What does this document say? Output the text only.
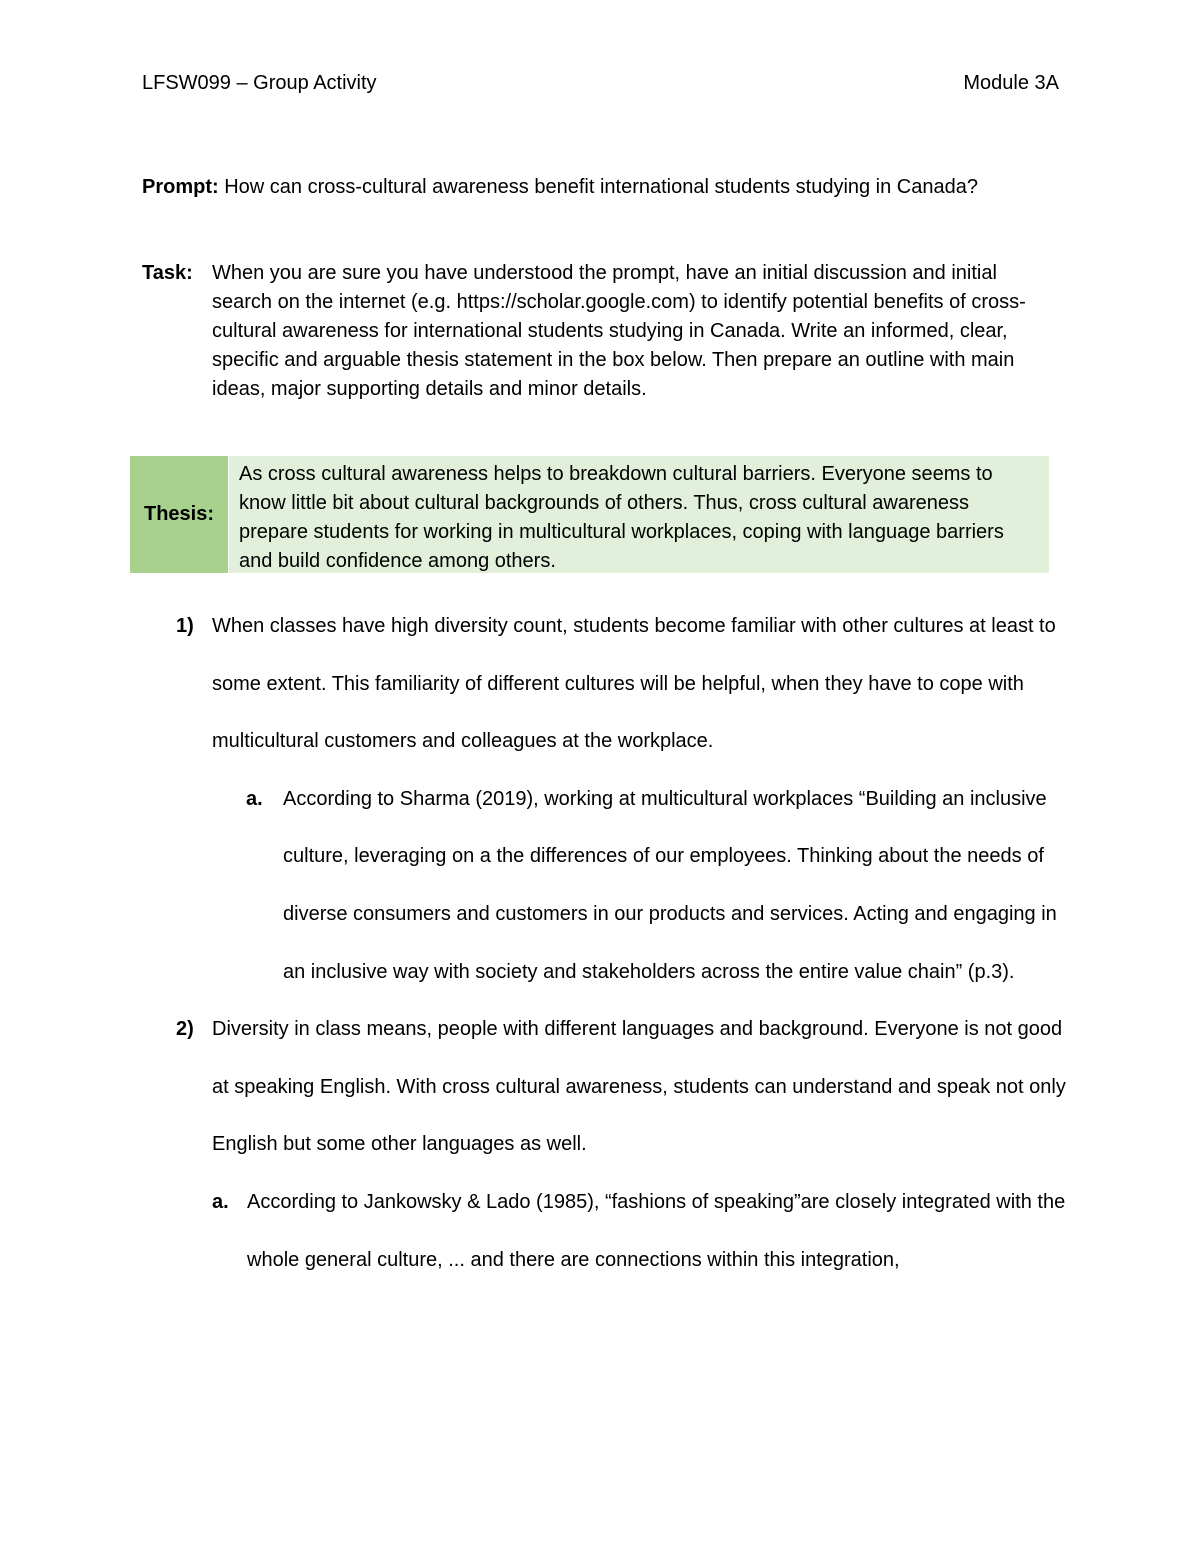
LFSW099 – Group Activity	Module 3A
Prompt: How can cross-cultural awareness benefit international students studying in Canada?
Task: When you are sure you have understood the prompt, have an initial discussion and initial search on the internet (e.g. https://scholar.google.com) to identify potential benefits of cross-cultural awareness for international students studying in Canada. Write an informed, clear, specific and arguable thesis statement in the box below. Then prepare an outline with main ideas, major supporting details and minor details.
Thesis:
As cross cultural awareness helps to breakdown cultural barriers. Everyone seems to know little bit about cultural backgrounds of others. Thus, cross cultural awareness prepare students for working in multicultural workplaces, coping with language barriers and build confidence among others.
1) When classes have high diversity count, students become familiar with other cultures at least to some extent. This familiarity of different cultures will be helpful, when they have to cope with multicultural customers and colleagues at the workplace.
a. According to Sharma (2019), working at multicultural workplaces “Building an inclusive culture, leveraging on a the differences of our employees. Thinking about the needs of diverse consumers and customers in our products and services. Acting and engaging in an inclusive way with society and stakeholders across the entire value chain” (p.3).
2) Diversity in class means, people with different languages and background. Everyone is not good at speaking English. With cross cultural awareness, students can understand and speak not only English but some other languages as well.
a. According to Jankowsky & Lado (1985), “fashions of speaking”are closely integrated with the whole general culture, ... and there are connections within this integration,
